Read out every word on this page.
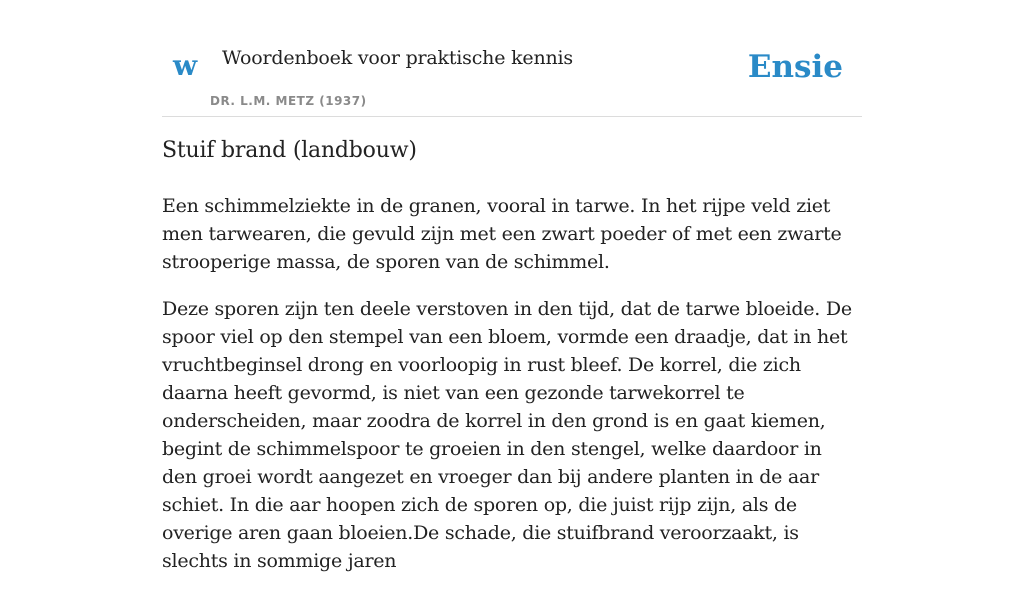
w Woordenboek voor praktische kennis
DR. L.M. METZ (1937)
Ensie
Stuif brand (landbouw)

Een schimmelziekte in de granen, vooral in tarwe. In het rijpe veld ziet men tarwearen, die gevuld zijn met een zwart poeder of met een zwarte strooperige massa, de sporen van de schimmel.

Deze sporen zijn ten deele verstoven in den tijd, dat de tarwe bloeide. De spoor viel op den stempel van een bloem, vormde een draadje, dat in het vruchtbeginsel drong en voorloopig in rust bleef. De korrel, die zich daarna heeft gevormd, is niet van een gezonde tarwekorrel te onderscheiden, maar zoodra de korrel in den grond is en gaat kiemen, begint de schimmelspoor te groeien in den stengel, welke daardoor in den groei wordt aangezet en vroeger dan bij andere planten in de aar schiet. In die aar hoopen zich de sporen op, die juist rijp zijn, als de overige aren gaan bloeien.De schade, die stuifbrand veroorzaakt, is slechts in sommige jaren
